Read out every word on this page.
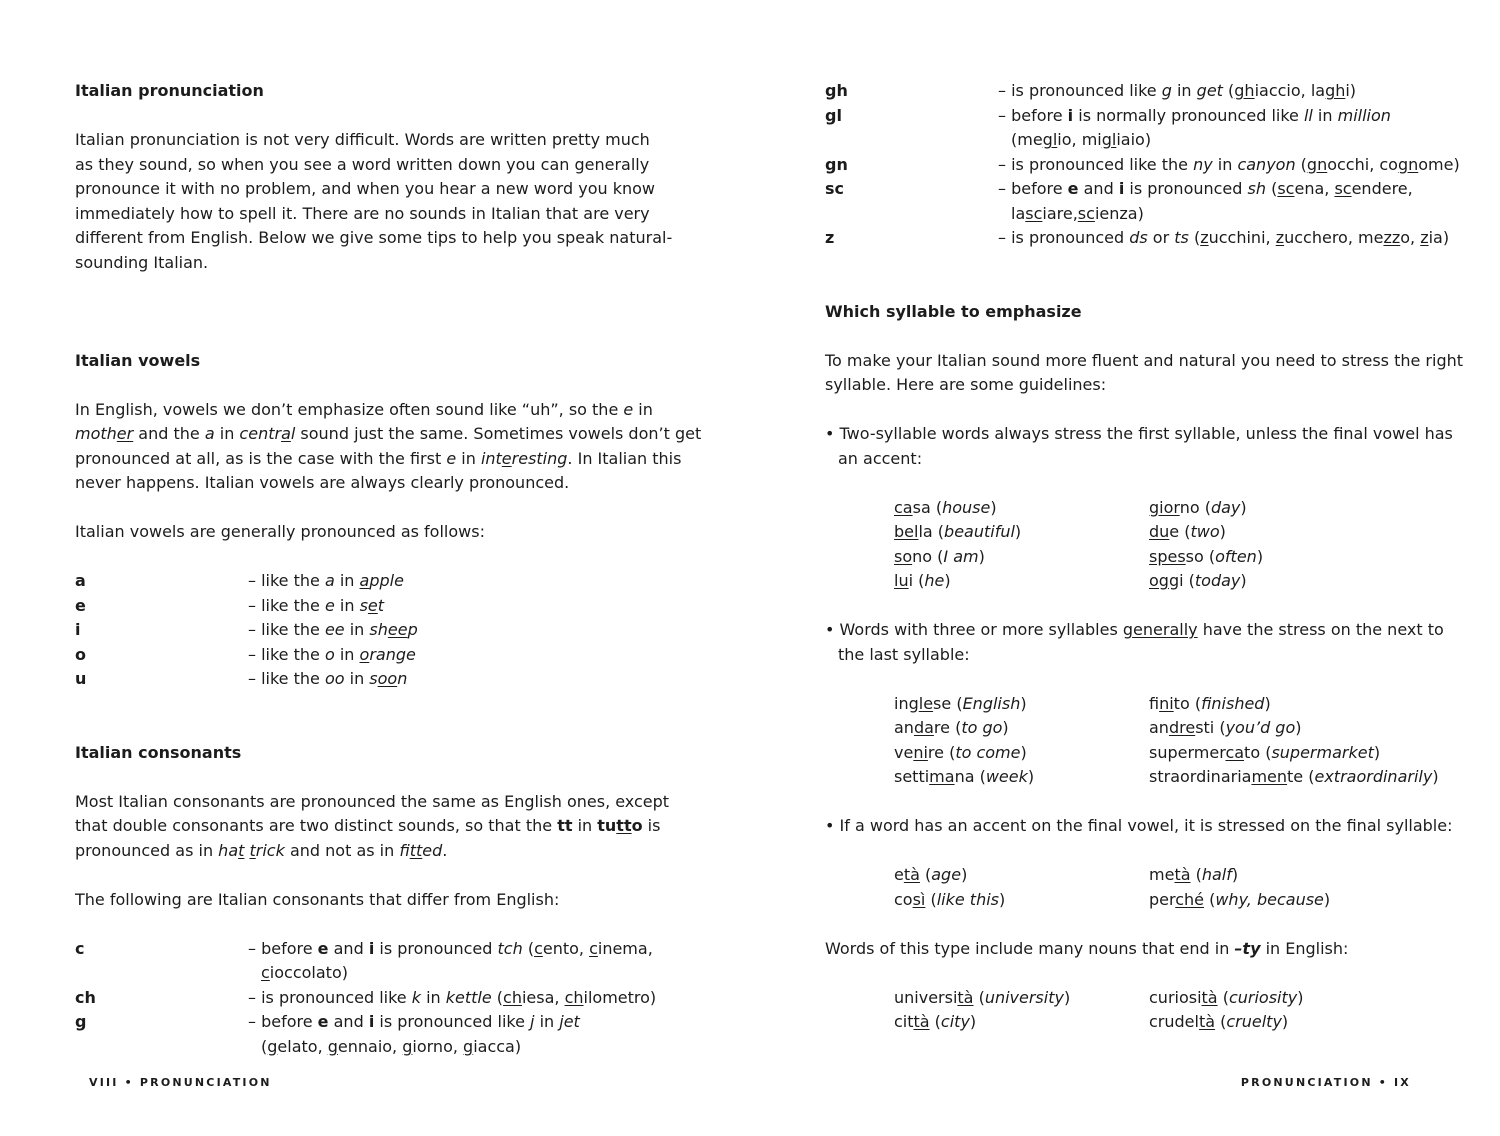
Italian pronunciation
Italian pronunciation is not very difficult. Words are written pretty much
as they sound, so when you see a word written down you can generally
pronounce it with no problem, and when you hear a new word you know
immediately how to spell it. There are no sounds in Italian that are very
different from English. Below we give some tips to help you speak natural-
sounding Italian.
Italian vowels
In English, vowels we don’t emphasize often sound like “uh”, so the e in
mother and the a in central sound just the same. Sometimes vowels don’t get
pronounced at all, as is the case with the first e in interesting. In Italian this
never happens. Italian vowels are always clearly pronounced.
Italian vowels are generally pronounced as follows:
a	– like the a in apple
e	– like the e in set
i	– like the ee in sheep
o	– like the o in orange
u	– like the oo in soon
Italian consonants
Most Italian consonants are pronounced the same as English ones, except
that double consonants are two distinct sounds, so that the tt in tutto is
pronounced as in hat trick and not as in fitted.
The following are Italian consonants that differ from English:
c	– before e and i is pronounced tch (cento, cinema,
cioccolato)
ch	– is pronounced like k in kettle (chiesa, chilometro)
g	– before e and i is pronounced like j in jet
(gelato, gennaio, giorno, giacca)
gh	– is pronounced like g in get (ghiaccio, laghi)
gl	– before i is normally pronounced like ll in million
(meglio, migliaio)
gn	– is pronounced like the ny in canyon (gnocchi, cognome)
sc	– before e and i is pronounced sh (scena, scendere,
lasciare,scienza)
z	– is pronounced ds or ts (zucchini, zucchero, mezzo, zia)
Which syllable to emphasize
To make your Italian sound more fluent and natural you need to stress the right
syllable. Here are some guidelines:
• Two-syllable words always stress the first syllable, unless the final vowel has
an accent:
casa (house)	giorno (day)
bella (beautiful)	due (two)
sono (I am)	spesso (often)
lui (he)	oggi (today)
• Words with three or more syllables generally have the stress on the next to
the last syllable:
inglese (English)	finito (finished)
andare (to go)	andresti (you’d go)
venire (to come)	supermercato (supermarket)
settimana (week)	straordinariamente (extraordinarily)
• If a word has an accent on the final vowel, it is stressed on the final syllable:
età (age)	metà (half)
così (like this)	perché (why, because)
Words of this type include many nouns that end in –ty in English:
università (university)	curiosità (curiosity)
città (city)	crudeltà (cruelty)
VIII • PRONUNCIATION	PRONUNCIATION • IX
